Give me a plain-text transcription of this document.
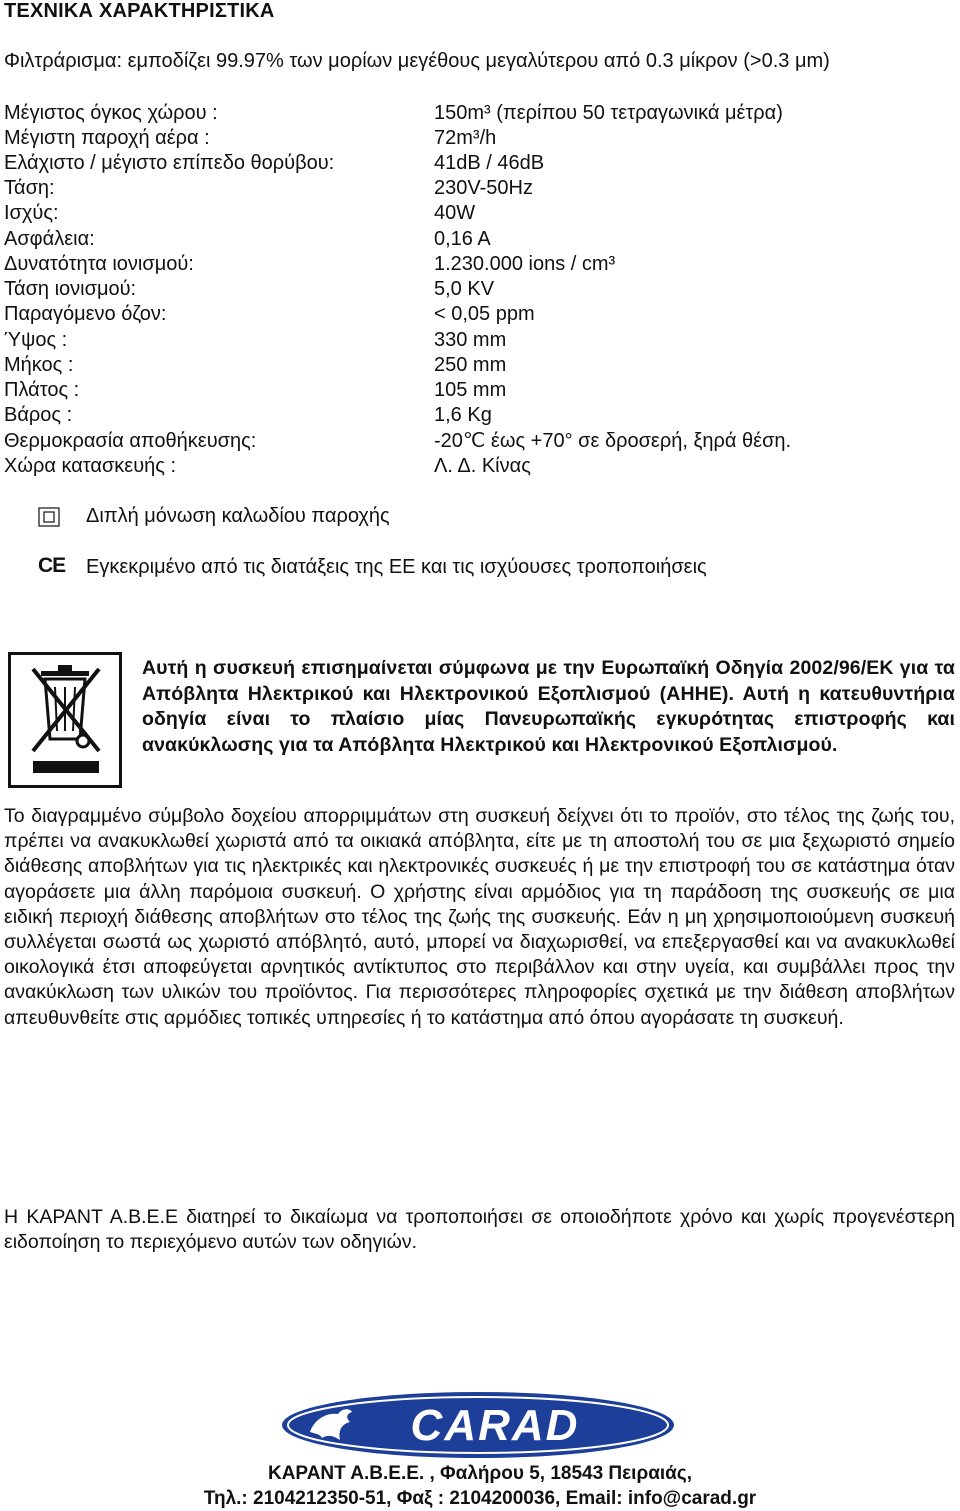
ΤΕΧΝΙΚΑ ΧΑΡΑΚΤΗΡΙΣΤΙΚΑ
Φιλτράρισμα: εμποδίζει 99.97% των μορίων μεγέθους μεγαλύτερου από 0.3 μίκρον (>0.3 μm)
Μέγιστος όγκος χώρου :	150m³ (περίπου 50 τετραγωνικά μέτρα)
Μέγιστη παροχή αέρα :	72m³/h
Ελάχιστο / μέγιστο επίπεδο θορύβου:	41dB / 46dB
Τάση:	230V-50Hz
Ισχύς:	40W
Ασφάλεια:	0,16 A
Δυνατότητα ιονισμού:	1.230.000 ions / cm³
Τάση ιονισμού:	5,0 KV
Παραγόμενο όζον:	< 0,05 ppm
Ύψος :	330 mm
Μήκος :	250 mm
Πλάτος :	105 mm
Βάρος :	1,6 Kg
Θερμοκρασία αποθήκευσης:	-20℃ έως +70° σε δροσερή, ξηρά θέση.
Χώρα κατασκευής :	Λ. Δ. Κίνας
Διπλή μόνωση καλωδίου παροχής
CE Εγκεκριμένο από τις διατάξεις της ΕΕ και τις ισχύουσες τροποποιήσεις
Αυτή η συσκευή επισημαίνεται σύμφωνα με την Ευρωπαϊκή Οδηγία 2002/96/ΕΚ για τα Απόβλητα Ηλεκτρικού και Ηλεκτρονικού Εξοπλισμού (ΑΗΗΕ). Αυτή η κατευθυντήρια οδηγία είναι το πλαίσιο μίας Πανευρωπαϊκής εγκυρότητας επιστροφής και ανακύκλωσης για τα Απόβλητα Ηλεκτρικού και Ηλεκτρονικού Εξοπλισμού.
Το διαγραμμένο σύμβολο δοχείου απορριμμάτων στη συσκευή δείχνει ότι το προϊόν, στο τέλος της ζωής του, πρέπει να ανακυκλωθεί χωριστά από τα οικιακά απόβλητα, είτε με τη αποστολή του σε μια ξεχωριστό σημείο διάθεσης αποβλήτων για τις ηλεκτρικές και ηλεκτρονικές συσκευές ή με την επιστροφή του σε κατάστημα όταν αγοράσετε μια άλλη παρόμοια συσκευή. Ο χρήστης είναι αρμόδιος για τη παράδοση της συσκευής σε μια ειδική περιοχή διάθεσης αποβλήτων στο τέλος της ζωής της συσκευής. Εάν η μη χρησιμοποιούμενη συσκευή συλλέγεται σωστά ως χωριστό απόβλητό, αυτό, μπορεί να διαχωρισθεί, να επεξεργασθεί και να ανακυκλωθεί οικολογικά έτσι αποφεύγεται αρνητικός αντίκτυπος στο περιβάλλον και στην υγεία, και συμβάλλει προς την ανακύκλωση των υλικών του προϊόντος. Για περισσότερες πληροφορίες σχετικά με την διάθεση αποβλήτων απευθυνθείτε στις αρμόδιες τοπικές υπηρεσίες ή το κατάστημα από όπου αγοράσατε τη συσκευή.
Η ΚΑΡΑΝΤ Α.Β.Ε.Ε διατηρεί το δικαίωμα να τροποποιήσει σε οποιοδήποτε χρόνο και χωρίς προγενέστερη ειδοποίηση το περιεχόμενο αυτών των οδηγιών.
CARAD
ΚΑΡΑΝΤ Α.Β.Ε.Ε. , Φαλήρου 5, 18543 Πειραιάς,
Τηλ.: 2104212350-51, Φαξ : 2104200036, Email: info@carad.gr
